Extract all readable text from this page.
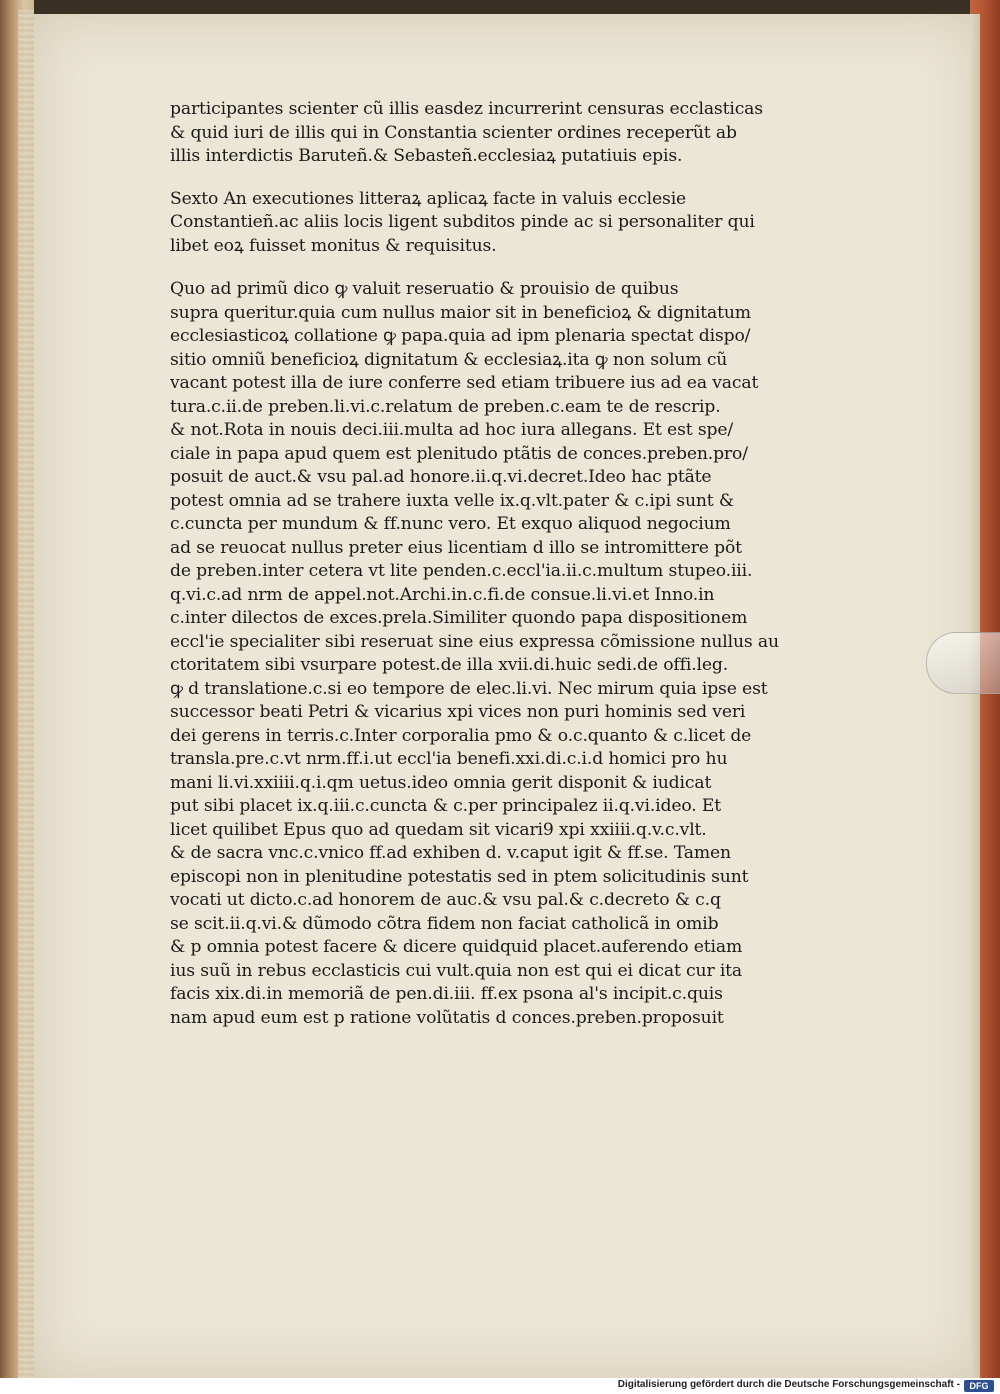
participantes scienter cũ illis easdez incurrerint censuras ecclasticas
& quid iuri de illis qui in Constantia scienter ordines receperũt ab
illis interdictis Baruteñ.& Sebasteñ.ecclesiaꝝ putatiuis epis.
Sexto An executiones litteraꝝ aplicaꝝ facte in valuis ecclesie
Constantieñ.ac aliis locis ligent subditos pinde ac si personaliter qui
libet eoꝝ fuisset monitus & requisitus.
Quo ad primũ dico ꝙ valuit reseruatio & prouisio de quibus
supra queritur.quia cum nullus maior sit in beneficioꝝ & dignitatum
ecclesiasticoꝝ collatione ꝙ papa.quia ad ipm plenaria spectat dispo/
sitio omniũ beneficioꝝ dignitatum & ecclesiaꝝ.ita ꝙ non solum cũ
vacant potest illa de iure conferre sed etiam tribuere ius ad ea vacat
tura.c.ii.de preben.li.vi.c.relatum de preben.c.eam te de rescrip.
& not.Rota in nouis deci.iii.multa ad hoc iura allegans. Et est spe/
ciale in papa apud quem est plenitudo ptãtis de conces.preben.pro/
posuit de auct.& vsu pal.ad honore.ii.q.vi.decret.Ideo hac ptãte
potest omnia ad se trahere iuxta velle ix.q.vlt.pater & c.ipi sunt &
c.cuncta per mundum & ff.nunc vero. Et exquo aliquod negocium
ad se reuocat nullus preter eius licentiam d illo se intromittere põt
de preben.inter cetera vt lite penden.c.eccl'ia.ii.c.multum stupeo.iii.
q.vi.c.ad nrm de appel.not.Archi.in.c.fi.de consue.li.vi.et Inno.in
c.inter dilectos de exces.prela.Similiter quondo papa dispositionem
eccl'ie specialiter sibi reseruat sine eius expressa cõmissione nullus au
ctoritatem sibi vsurpare potest.de illa xvii.di.huic sedi.de offi.leg.
ꝙ d translatione.c.si eo tempore de elec.li.vi. Nec mirum quia ipse est
successor beati Petri & vicarius xpi vices non puri hominis sed veri
dei gerens in terris.c.Inter corporalia pmo & o.c.quanto & c.licet de
transla.pre.c.vt nrm.ff.i.ut eccl'ia benefi.xxi.di.c.i.d homici pro hu
mani li.vi.xxiiii.q.i.qm uetus.ideo omnia gerit disponit & iudicat
put sibi placet ix.q.iii.c.cuncta & c.per principalez ii.q.vi.ideo. Et
licet quilibet Epus quo ad quedam sit vicari9 xpi xxiiii.q.v.c.vlt.
& de sacra vnc.c.vnico ff.ad exhiben d. v.caput igit & ff.se. Tamen
episcopi non in plenitudine potestatis sed in ptem solicitudinis sunt
vocati ut dicto.c.ad honorem de auc.& vsu pal.& c.decreto & c.q
se scit.ii.q.vi.& dũmodo cõtra fidem non faciat catholicã in omib
& p omnia potest facere & dicere quidquid placet.auferendo etiam
ius suũ in rebus ecclasticis cui vult.quia non est qui ei dicat cur ita
facis xix.di.in memoriã de pen.di.iii. ff.ex psona al's incipit.c.quis
nam apud eum est p ratione volũtatis d conces.preben.proposuit
Digitalisierung gefördert durch die Deutsche Forschungsgemeinschaft -	DFG
